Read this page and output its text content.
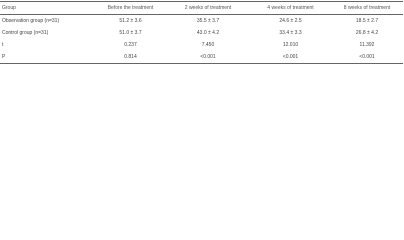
Group	Before the treatment	2 weeks of treatment	4 weeks of treatment	8 weeks of treatment
Observation group (n=31)	51.2 ± 3.6	35.5 ± 3.7	24.6 ± 2.5	18.5 ± 2.7
Control group (n=31)	51.0 ± 3.7	43.0 ± 4.2	33.4 ± 3.3	26.8 ± 4.2
t	0.237	7.450	12.010	11.392
P	0.814	<0.001	<0.001	<0.001
